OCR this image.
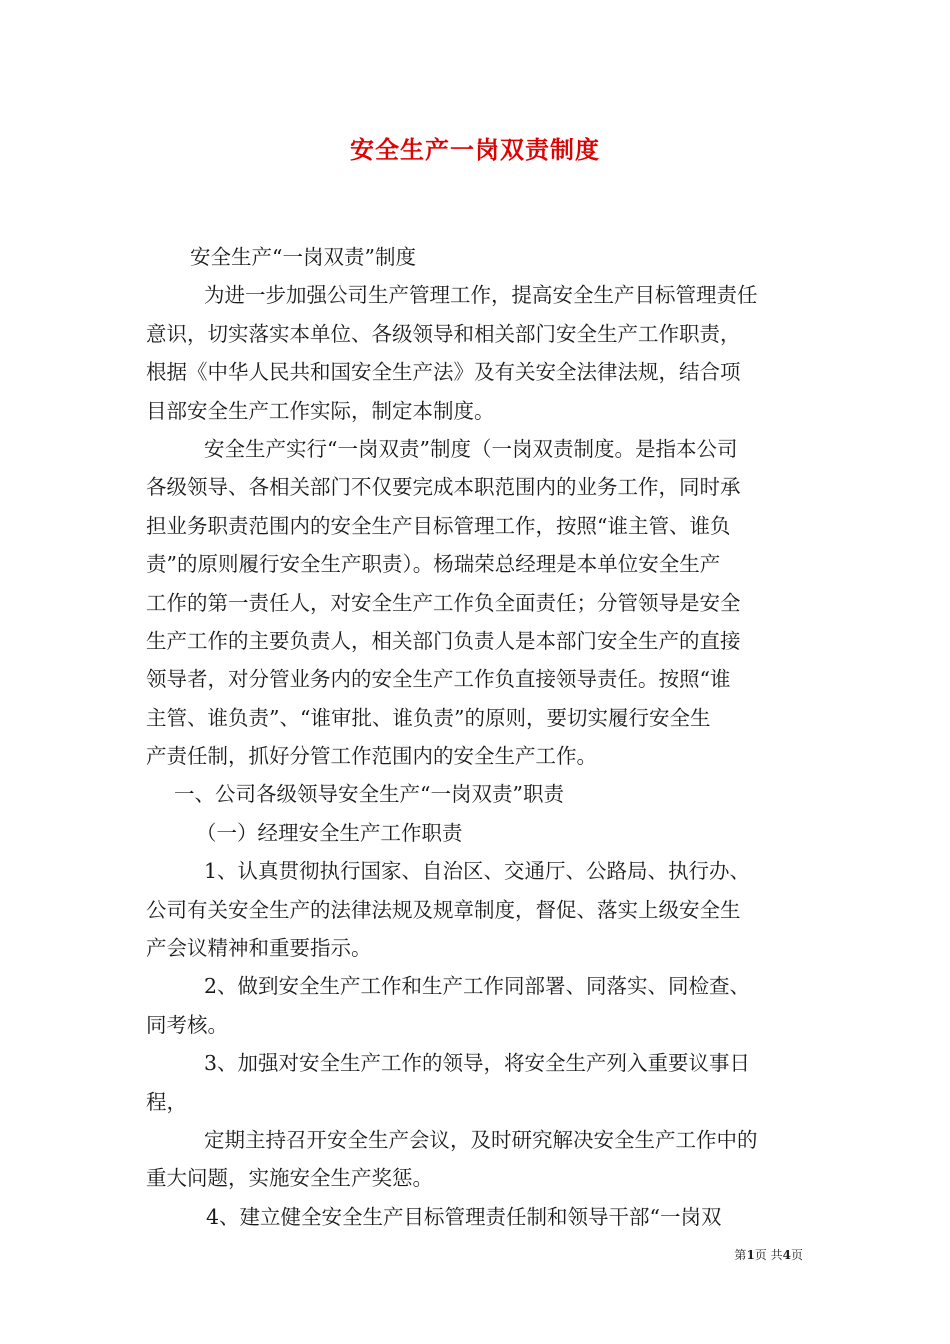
安全生产一岗双责制度
安全生产“一岗双责”制度
为进一步加强公司生产管理工作，提高安全生产目标管理责任
意识，切实落实本单位、各级领导和相关部门安全生产工作职责，
根据《中华人民共和国安全生产法》及有关安全法律法规，结合项
目部安全生产工作实际，制定本制度。
安全生产实行“一岗双责”制度（一岗双责制度。是指本公司
各级领导、各相关部门不仅要完成本职范围内的业务工作，同时承
担业务职责范围内的安全生产目标管理工作，按照“谁主管、谁负
责”的原则履行安全生产职责）。杨瑞荣总经理是本单位安全生产
工作的第一责任人，对安全生产工作负全面责任；分管领导是安全
生产工作的主要负责人，相关部门负责人是本部门安全生产的直接
领导者，对分管业务内的安全生产工作负直接领导责任。按照“谁
主管、谁负责”、“谁审批、谁负责”的原则，要切实履行安全生
产责任制，抓好分管工作范围内的安全生产工作。
一、公司各级领导安全生产“一岗双责”职责
（一）经理安全生产工作职责
1、认真贯彻执行国家、自治区、交通厅、公路局、执行办、
公司有关安全生产的法律法规及规章制度，督促、落实上级安全生
产会议精神和重要指示。
2、做到安全生产工作和生产工作同部署、同落实、同检查、
同考核。
3、加强对安全生产工作的领导，将安全生产列入重要议事日
程，
定期主持召开安全生产会议，及时研究解决安全生产工作中的
重大问题，实施安全生产奖惩。
4、建立健全安全生产目标管理责任制和领导干部“一岗双
第1页 共4页
